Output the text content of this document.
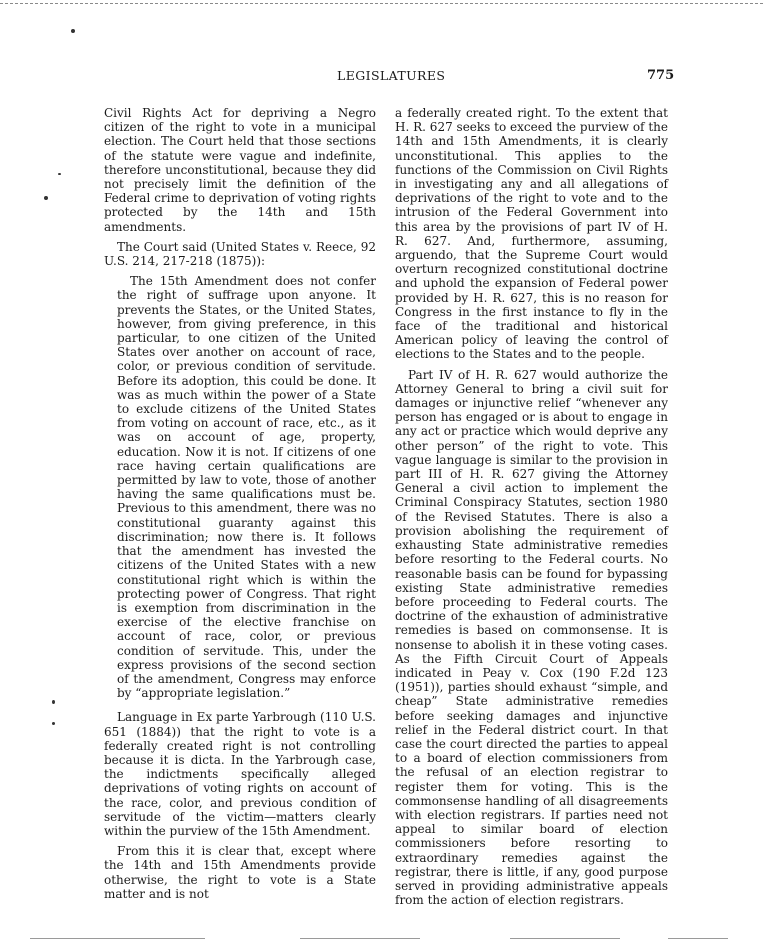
LEGISLATURES	775

Civil Rights Act for depriving a Negro citizen of the right to vote in a municipal election. The Court held that those sections of the statute were vague and indefinite, therefore unconstitutional, because they did not precisely limit the definition of the Federal crime to deprivation of voting rights protected by the 14th and 15th amendments.

The Court said (United States v. Reece, 92 U.S. 214, 217-218 (1875)):

The 15th Amendment does not confer the right of suffrage upon anyone. It prevents the States, or the United States, however, from giving preference, in this particular, to one citizen of the United States over another on account of race, color, or previous condition of servitude. Before its adoption, this could be done. It was as much within the power of a State to exclude citizens of the United States from voting on account of race, etc., as it was on account of age, property, education. Now it is not. If citizens of one race having certain qualifications are permitted by law to vote, those of another having the same qualifications must be. Previous to this amendment, there was no constitutional guaranty against this discrimination; now there is. It follows that the amendment has invested the citizens of the United States with a new constitutional right which is within the protecting power of Congress. That right is exemption from discrimination in the exercise of the elective franchise on account of race, color, or previous condition of servitude. This, under the express provisions of the second section of the amendment, Congress may enforce by “appropriate legislation.”

Language in Ex parte Yarbrough (110 U.S. 651 (1884)) that the right to vote is a federally created right is not controlling because it is dicta. In the Yarbrough case, the indictments specifically alleged deprivations of voting rights on account of the race, color, and previous condition of servitude of the victim—matters clearly within the purview of the 15th Amendment.

From this it is clear that, except where the 14th and 15th Amendments provide otherwise, the right to vote is a State matter and is not

a federally created right. To the extent that H. R. 627 seeks to exceed the purview of the 14th and 15th Amendments, it is clearly unconstitutional. This applies to the functions of the Commission on Civil Rights in investigating any and all allegations of deprivations of the right to vote and to the intrusion of the Federal Government into this area by the provisions of part IV of H. R. 627. And, furthermore, assuming, arguendo, that the Supreme Court would overturn recognized constitutional doctrine and uphold the expansion of Federal power provided by H. R. 627, this is no reason for Congress in the first instance to fly in the face of the traditional and historical American policy of leaving the control of elections to the States and to the people.

Part IV of H. R. 627 would authorize the Attorney General to bring a civil suit for damages or injunctive relief “whenever any person has engaged or is about to engage in any act or practice which would deprive any other person” of the right to vote. This vague language is similar to the provision in part III of H. R. 627 giving the Attorney General a civil action to implement the Criminal Conspiracy Statutes, section 1980 of the Revised Statutes. There is also a provision abolishing the requirement of exhausting State administrative remedies before resorting to the Federal courts. No reasonable basis can be found for bypassing existing State administrative remedies before proceeding to Federal courts. The doctrine of the exhaustion of administrative remedies is based on commonsense. It is nonsense to abolish it in these voting cases. As the Fifth Circuit Court of Appeals indicated in Peay v. Cox (190 F.2d 123 (1951)), parties should exhaust “simple, and cheap” State administrative remedies before seeking damages and injunctive relief in the Federal district court. In that case the court directed the parties to appeal to a board of election commissioners from the refusal of an election registrar to register them for voting. This is the commonsense handling of all disagreements with election registrars. If parties need not appeal to similar board of election commissioners before resorting to extraordinary remedies against the registrar, there is little, if any, good purpose served in providing administrative appeals from the action of election registrars.
